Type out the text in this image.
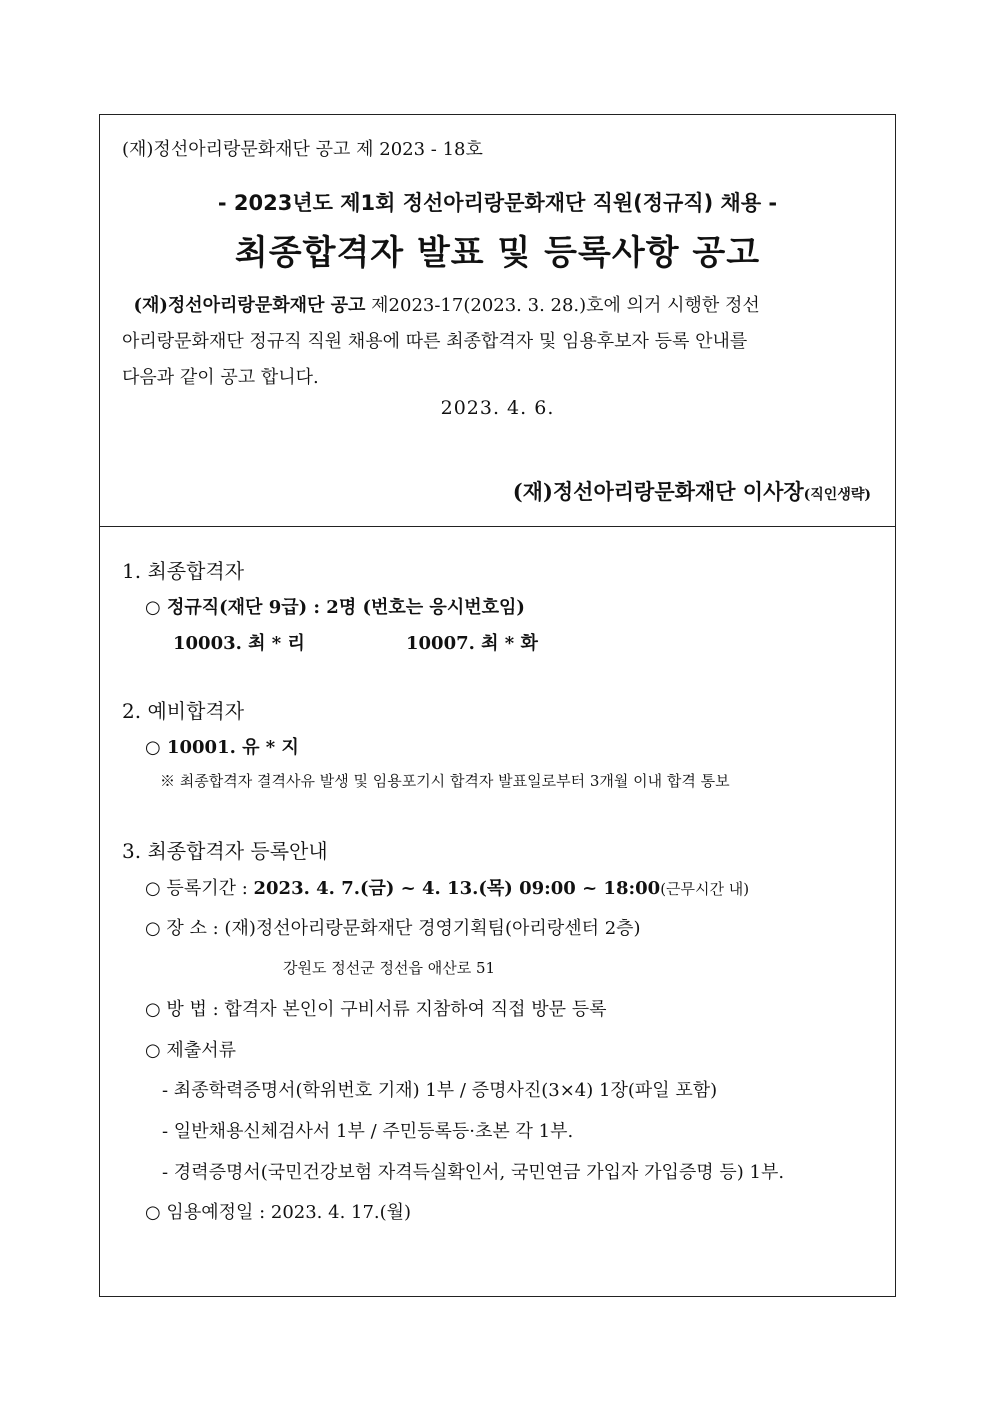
(재)정선아리랑문화재단 공고 제 2023 - 18호
- 2023년도 제1회 정선아리랑문화재단 직원(정규직) 채용 -
최종합격자 발표 및 등록사항 공고
(재)정선아리랑문화재단 공고 제2023-17(2023. 3. 28.)호에 의거 시행한 정선
아리랑문화재단 정규직 직원 채용에 따른 최종합격자 및 임용후보자 등록 안내를
다음과 같이 공고 합니다.
2023. 4. 6.
(재)정선아리랑문화재단 이사장(직인생략)
1. 최종합격자
○ 정규직(재단 9급) : 2명 (번호는 응시번호임)
10003. 최 * 리	10007. 최 * 화
2. 예비합격자
○ 10001. 유 * 지
※ 최종합격자 결격사유 발생 및 임용포기시 합격자 발표일로부터 3개월 이내 합격 통보
3. 최종합격자 등록안내
○ 등록기간 : 2023. 4. 7.(금) ~ 4. 13.(목) 09:00 ~ 18:00(근무시간 내)
○ 장 소 : (재)정선아리랑문화재단 경영기획팀(아리랑센터 2층)
강원도 정선군 정선읍 애산로 51
○ 방 법 : 합격자 본인이 구비서류 지참하여 직접 방문 등록
○ 제출서류
- 최종학력증명서(학위번호 기재) 1부 / 증명사진(3×4) 1장(파일 포함)
- 일반채용신체검사서 1부 / 주민등록등·초본 각 1부.
- 경력증명서(국민건강보험 자격득실확인서, 국민연금 가입자 가입증명 등) 1부.
○ 임용예정일 : 2023. 4. 17.(월)
